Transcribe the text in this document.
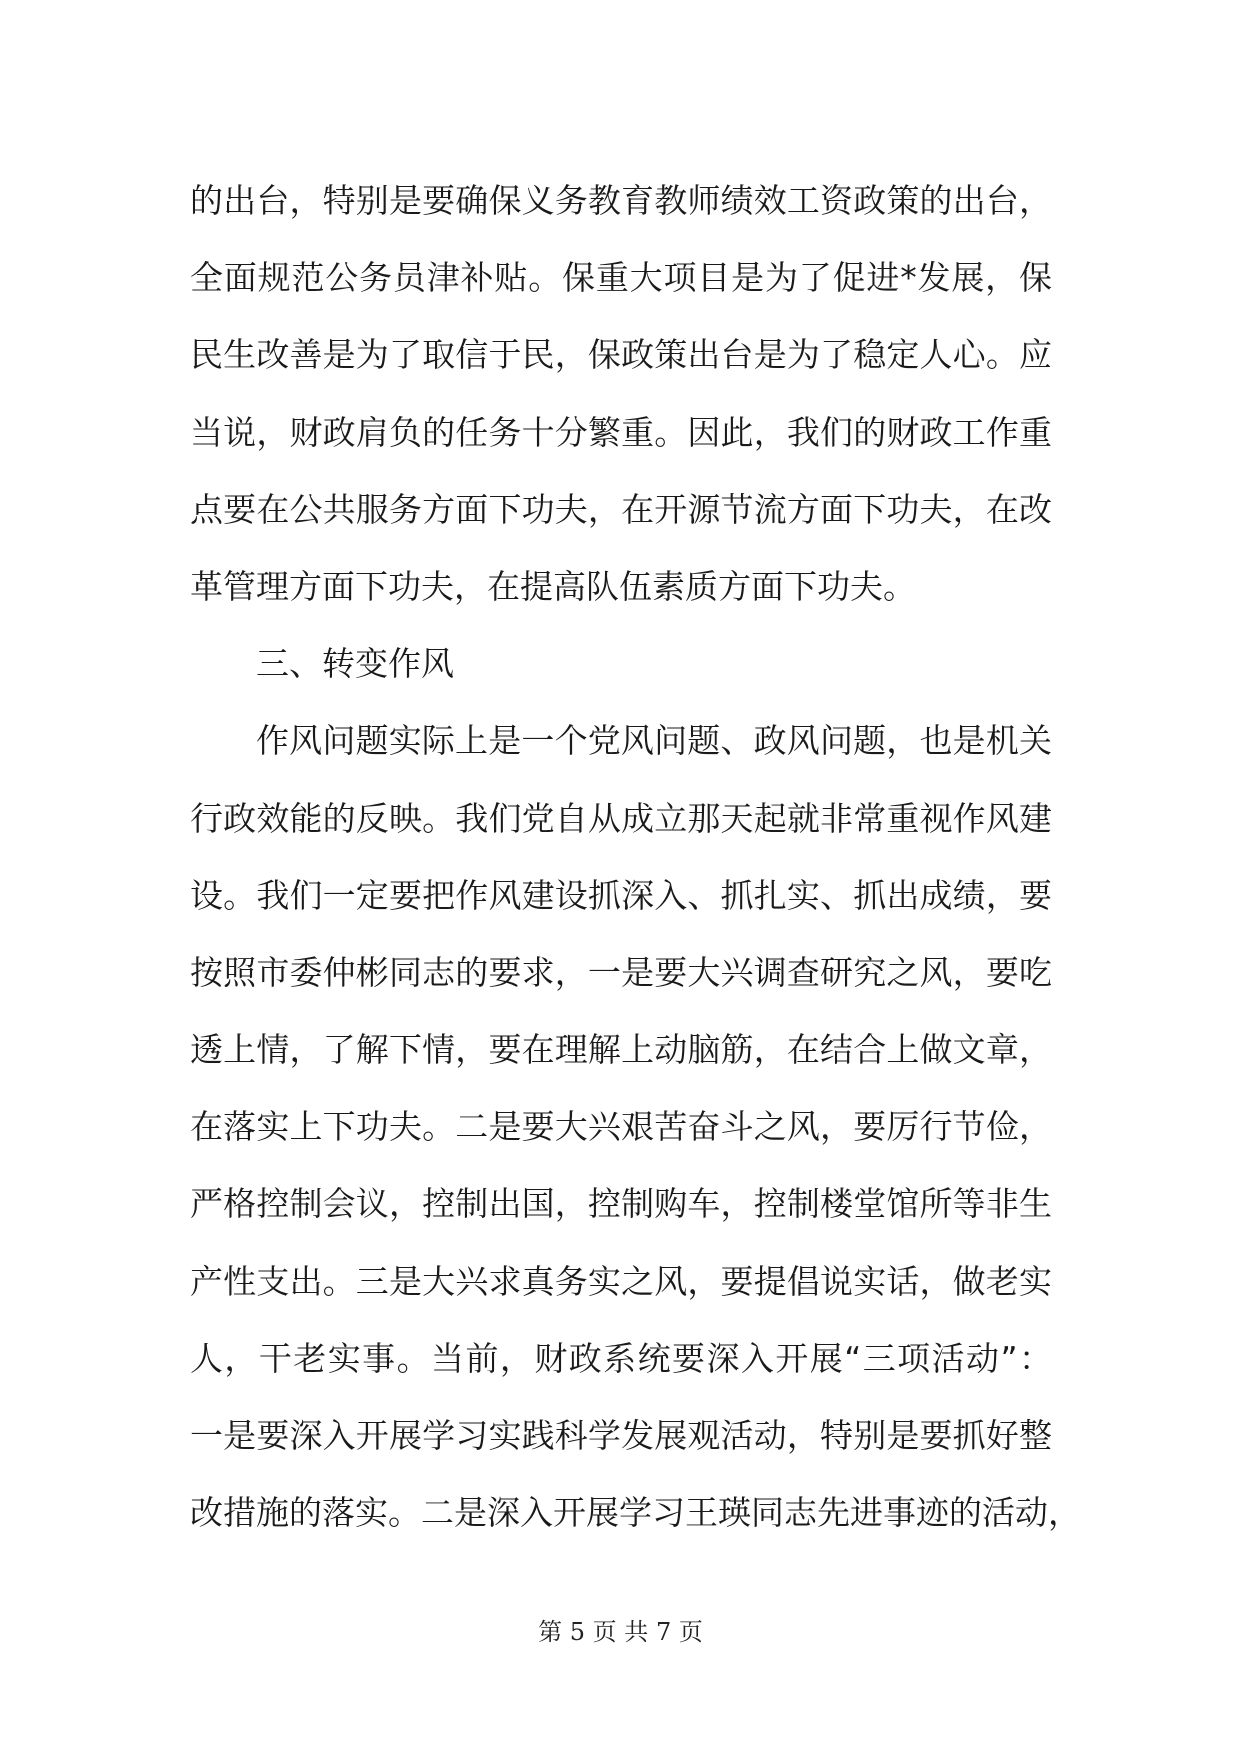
的出台，特别是要确保义务教育教师绩效工资政策的出台，
全面规范公务员津补贴。保重大项目是为了促进*发展，保
民生改善是为了取信于民，保政策出台是为了稳定人心。应
当说，财政肩负的任务十分繁重。因此，我们的财政工作重
点要在公共服务方面下功夫，在开源节流方面下功夫，在改
革管理方面下功夫，在提高队伍素质方面下功夫。
三、转变作风
作风问题实际上是一个党风问题、政风问题，也是机关
行政效能的反映。我们党自从成立那天起就非常重视作风建
设。我们一定要把作风建设抓深入、抓扎实、抓出成绩，要
按照市委仲彬同志的要求，一是要大兴调查研究之风，要吃
透上情，了解下情，要在理解上动脑筋，在结合上做文章，
在落实上下功夫。二是要大兴艰苦奋斗之风，要厉行节俭，
严格控制会议，控制出国，控制购车，控制楼堂馆所等非生
产性支出。三是大兴求真务实之风，要提倡说实话，做老实
人，干老实事。当前，财政系统要深入开展“三项活动”：
一是要深入开展学习实践科学发展观活动，特别是要抓好整
改措施的落实。二是深入开展学习王瑛同志先进事迹的活动，
第 5 页 共 7 页
